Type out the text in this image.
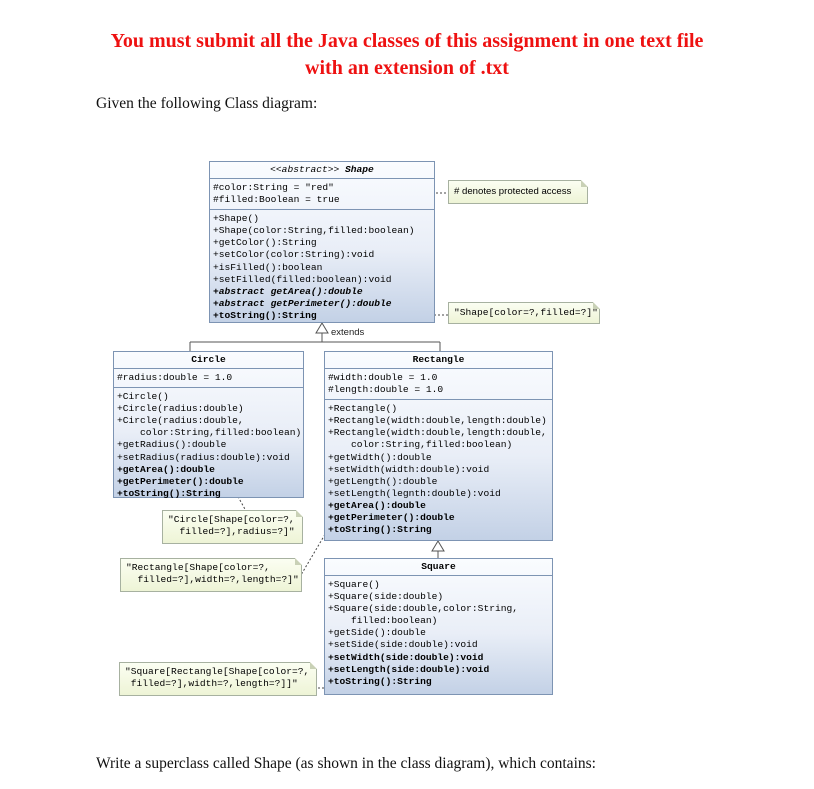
You must submit all the Java classes of this assignment in one text file
with an extension of .txt
Given the following Class diagram:
extends
<<abstract>> Shape
#color:String = "red"
#filled:Boolean = true
+Shape()
+Shape(color:String,filled:boolean)
+getColor():String
+setColor(color:String):void
+isFilled():boolean
+setFilled(filled:boolean):void
+abstract getArea():double
+abstract getPerimeter():double
+toString():String
# denotes protected access
"Shape[color=?,filled=?]"
Circle
#radius:double = 1.0
+Circle()
+Circle(radius:double)
+Circle(radius:double,
color:String,filled:boolean)
+getRadius():double
+setRadius(radius:double):void
+getArea():double
+getPerimeter():double
+toString():String
Rectangle
#width:double = 1.0
#length:double = 1.0
+Rectangle()
+Rectangle(width:double,length:double)
+Rectangle(width:double,length:double,
color:String,filled:boolean)
+getWidth():double
+setWidth(width:double):void
+getLength():double
+setLength(legnth:double):void
+getArea():double
+getPerimeter():double
+toString():String
"Circle[Shape[color=?,
filled=?],radius=?]"
"Rectangle[Shape[color=?,
filled=?],width=?,length=?]"
Square
+Square()
+Square(side:double)
+Square(side:double,color:String,
filled:boolean)
+getSide():double
+setSide(side:double):void
+setWidth(side:double):void
+setLength(side:double):void
+toString():String
"Square[Rectangle[Shape[color=?,
filled=?],width=?,length=?]]"
Write a superclass called Shape (as shown in the class diagram), which contains:
